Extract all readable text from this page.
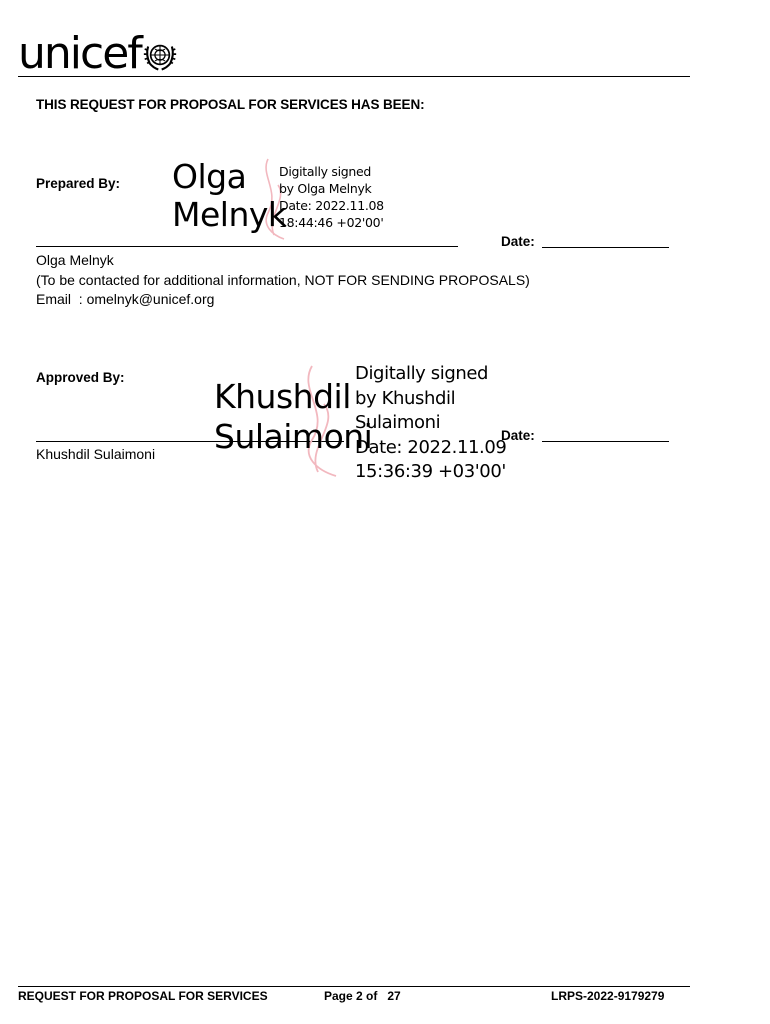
unicef
THIS REQUEST FOR PROPOSAL FOR SERVICES HAS BEEN:
Prepared By: Olga
Melnyk
Digitally signed
by Olga Melnyk
Date: 2022.11.08
18:44:46 +02'00'
Date:
Olga Melnyk
(To be contacted for additional information, NOT FOR SENDING PROPOSALS)
Email  : omelnyk@unicef.org
Approved By:	Khushdil
Sulaimoni
Digitally signed
by Khushdil
Sulaimoni
Date: 2022.11.09
15:36:39 +03'00'
Date:
Khushdil Sulaimoni
REQUEST FOR PROPOSAL FOR SERVICES	Page 2 of   27	LRPS-2022-9179279
